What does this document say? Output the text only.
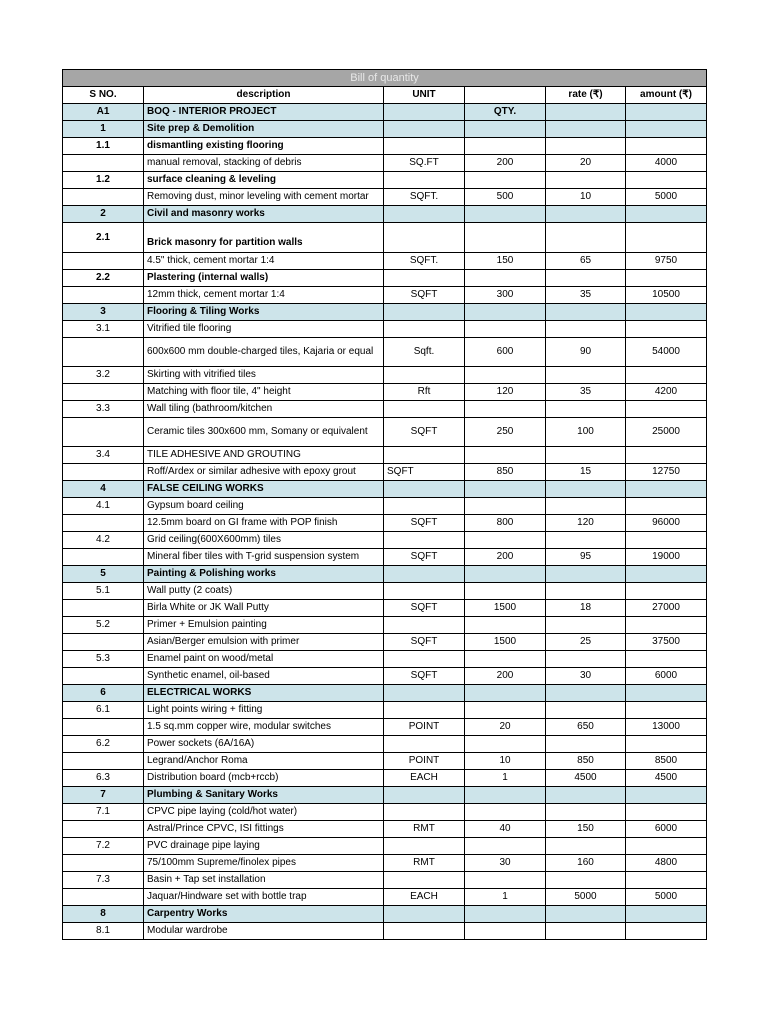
Bill of quantity					
S NO.	description	UNIT		rate (₹)	amount (₹)
A1	BOQ - INTERIOR PROJECT		QTY.		
1	Site prep & Demolition				
1.1	dismantling existing flooring				
	manual removal, stacking of debris	SQ.FT	200	20	4000
1.2	surface cleaning & leveling				
	Removing dust, minor leveling with cement mortar	SQFT.	500	10	5000
2	Civil and masonry works				
2.1	Brick masonry for partition walls				
	4.5" thick, cement mortar 1:4	SQFT.	150	65	9750
2.2	Plastering (internal walls)				
	12mm thick, cement mortar 1:4	SQFT	300	35	10500
3	Flooring & Tiling Works				
3.1	Vitrified tile flooring				
	600x600 mm double-charged tiles, Kajaria or equal	Sqft.	600	90	54000
3.2	Skirting with vitrified tiles				
	Matching with floor tile, 4" height	Rft	120	35	4200
3.3	Wall tiling (bathroom/kitchen				
	Ceramic tiles 300x600 mm, Somany or equivalent	SQFT	250	100	25000
3.4	TILE ADHESIVE AND GROUTING				
	Roff/Ardex or similar adhesive with epoxy grout	SQFT	850	15	12750
4	FALSE CEILING WORKS				
4.1	Gypsum board ceiling				
	12.5mm board on GI frame with POP finish	SQFT	800	120	96000
4.2	Grid ceiling(600X600mm) tiles				
	Mineral fiber tiles with T-grid suspension system	SQFT	200	95	19000
5	Painting & Polishing works				
5.1	Wall putty (2 coats)				
	Birla White or JK Wall Putty	SQFT	1500	18	27000
5.2	Primer + Emulsion painting				
	Asian/Berger emulsion with primer	SQFT	1500	25	37500
5.3	Enamel paint on wood/metal				
	Synthetic enamel, oil-based	SQFT	200	30	6000
6	ELECTRICAL WORKS				
6.1	Light points wiring + fitting				
	1.5 sq.mm copper wire, modular switches	POINT	20	650	13000
6.2	Power sockets (6A/16A)				
	Legrand/Anchor Roma	POINT	10	850	8500
6.3	Distribution board (mcb+rccb)	EACH	1	4500	4500
7	Plumbing & Sanitary Works				
7.1	CPVC pipe laying (cold/hot water)				
	Astral/Prince CPVC, ISI fittings	RMT	40	150	6000
7.2	PVC drainage pipe laying				
	75/100mm Supreme/finolex pipes	RMT	30	160	4800
7.3	Basin + Tap set installation				
	Jaquar/Hindware set with bottle trap	EACH	1	5000	5000
8	Carpentry Works				
8.1	Modular wardrobe				
